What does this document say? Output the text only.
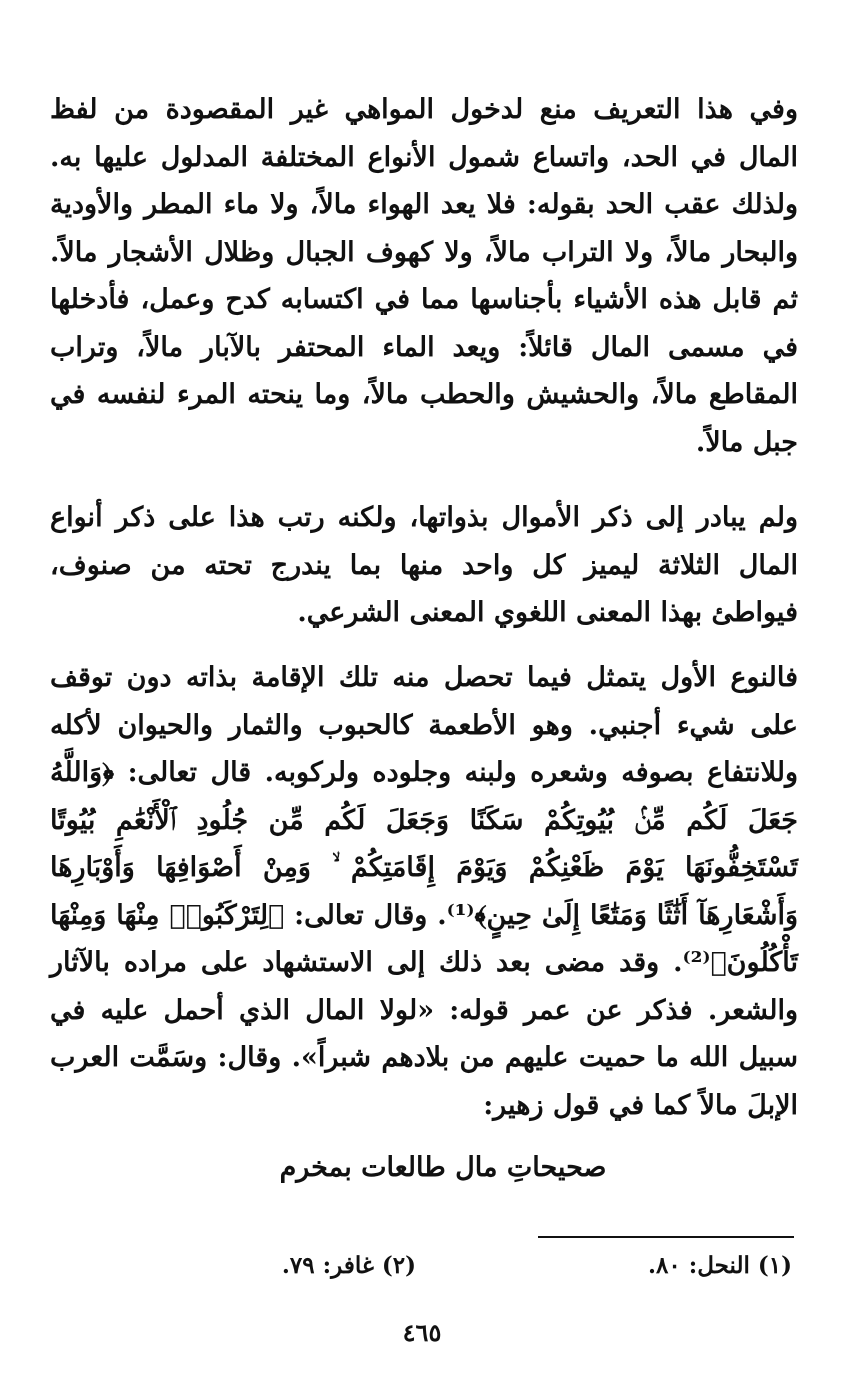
وفي هذا التعريف منع لدخول المواهي غير المقصودة من لفظ المال في الحد، واتساع شمول الأنواع المختلفة المدلول عليها به. ولذلك عقب الحد بقوله: فلا يعد الهواء مالاً، ولا ماء المطر والأودية والبحار مالاً، ولا التراب مالاً، ولا كهوف الجبال وظلال الأشجار مالاً. ثم قابل هذه الأشياء بأجناسها مما في اكتسابه كدح وعمل، فأدخلها في مسمى المال قائلاً: ويعد الماء المحتفر بالآبار مالاً، وتراب المقاطع مالاً، والحشيش والحطب مالاً، وما ينحته المرء لنفسه في جبل مالاً.

ولم يبادر إلى ذكر الأموال بذواتها، ولكنه رتب هذا على ذكر أنواع المال الثلاثة ليميز كل واحد منها بما يندرج تحته من صنوف، فيواطئ بهذا المعنى اللغوي المعنى الشرعي.

فالنوع الأول يتمثل فيما تحصل منه تلك الإقامة بذاته دون توقف على شيء أجنبي. وهو الأطعمة كالحبوب والثمار والحيوان لأكله وللانتفاع بصوفه وشعره ولبنه وجلوده ولركوبه. قال تعالى: ﴿وَاللَّهُ جَعَلَ لَكُم مِّنۢ بُيُوتِكُمْ سَكَنًا وَجَعَلَ لَكُم مِّن جُلُودِ ٱلْأَنْعَٰمِ بُيُوتًا تَسْتَخِفُّونَهَا يَوْمَ ظَعْنِكُمْ وَيَوْمَ إِقَامَتِكُمْ ۙ وَمِنْ أَصْوَافِهَا وَأَوْبَارِهَا وَأَشْعَارِهَآ أَثَٰثًا وَمَتَٰعًا إِلَىٰ حِينٍ﴾⁽¹⁾. وقال تعالى: ﴿لِتَرْكَبُوا۟ مِنْهَا وَمِنْهَا تَأْكُلُونَ﴾⁽²⁾. وقد مضى بعد ذلك إلى الاستشهاد على مراده بالآثار والشعر. فذكر عن عمر قوله: «لولا المال الذي أحمل عليه في سبيل الله ما حميت عليهم من بلادهم شبراً». وقال: وسَمَّت العرب الإبلَ مالاً كما في قول زهير:

صحيحاتِ مال طالعات بمخرم
(١) النحل: ٨٠.
(٢) غافر: ٧٩.
٤٦٥
